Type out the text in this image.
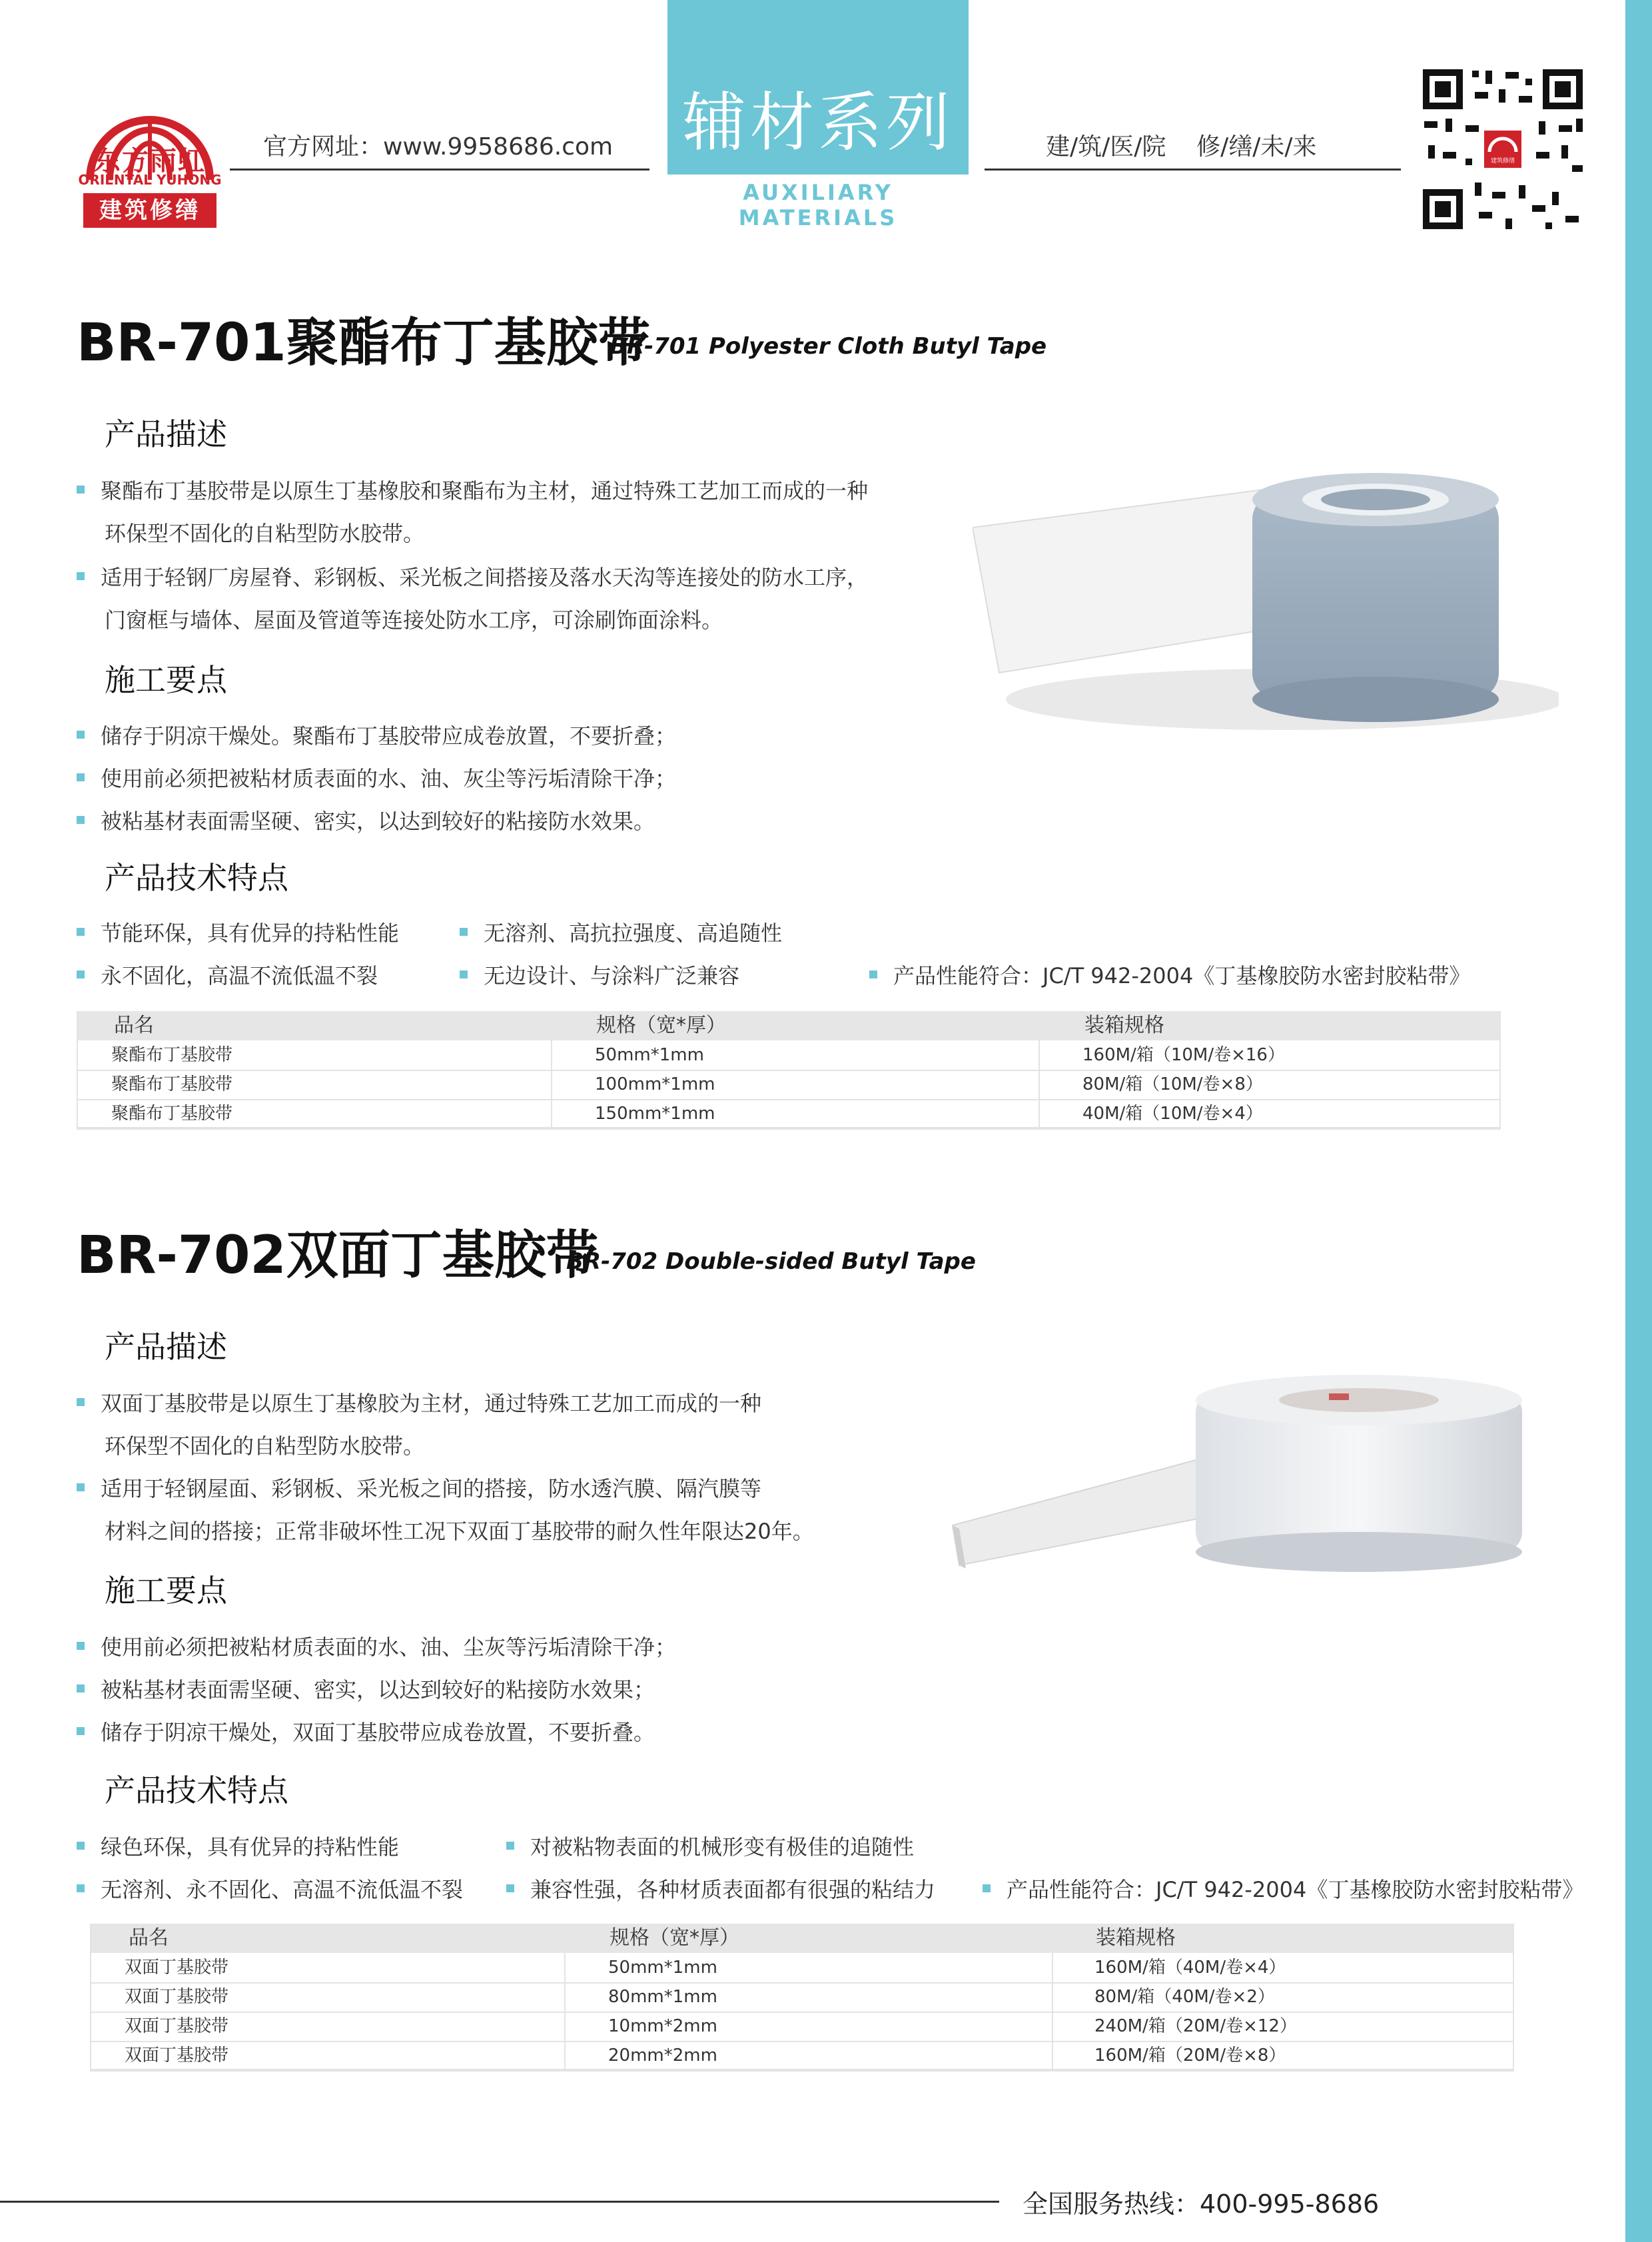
东方雨虹
ORIENTAL YUHONG
建筑修缮
官方网址：www.9958686.com 辅材系列
AUXILIARY MATERIALS
建/筑/医/院    修/缮/未/来
建筑修缮
BR-701聚酯布丁基胶带
BR-701 Polyester Cloth Butyl Tape
产品描述
聚酯布丁基胶带是以原生丁基橡胶和聚酯布为主材，通过特殊工艺加工而成的一种
环保型不固化的自粘型防水胶带。
适用于轻钢厂房屋脊、彩钢板、采光板之间搭接及落水天沟等连接处的防水工序，
门窗框与墙体、屋面及管道等连接处防水工序，可涂刷饰面涂料。
施工要点
储存于阴凉干燥处。聚酯布丁基胶带应成卷放置，不要折叠；
使用前必须把被粘材质表面的水、油、灰尘等污垢清除干净；
被粘基材表面需坚硬、密实，以达到较好的粘接防水效果。
产品技术特点
节能环保，具有优异的持粘性能	无溶剂、高抗拉强度、高追随性
永不固化，高温不流低温不裂	无边设计、与涂料广泛兼容	产品性能符合：JC/T 942-2004《丁基橡胶防水密封胶粘带》
品名	规格（宽*厚）	装箱规格
聚酯布丁基胶带	50mm*1mm	160M/箱（10M/卷×16）
聚酯布丁基胶带	100mm*1mm	80M/箱（10M/卷×8）
聚酯布丁基胶带	150mm*1mm	40M/箱（10M/卷×4）
BR-702双面丁基胶带
BR-702 Double-sided Butyl Tape
产品描述
双面丁基胶带是以原生丁基橡胶为主材，通过特殊工艺加工而成的一种
环保型不固化的自粘型防水胶带。
适用于轻钢屋面、彩钢板、采光板之间的搭接，防水透汽膜、隔汽膜等
材料之间的搭接；正常非破坏性工况下双面丁基胶带的耐久性年限达20年。
施工要点
使用前必须把被粘材质表面的水、油、尘灰等污垢清除干净；
被粘基材表面需坚硬、密实，以达到较好的粘接防水效果；
储存于阴凉干燥处，双面丁基胶带应成卷放置，不要折叠。
产品技术特点
绿色环保，具有优异的持粘性能	对被粘物表面的机械形变有极佳的追随性
无溶剂、永不固化、高温不流低温不裂	兼容性强，各种材质表面都有很强的粘结力	产品性能符合：JC/T 942-2004《丁基橡胶防水密封胶粘带》
品名	规格（宽*厚）	装箱规格
双面丁基胶带	50mm*1mm	160M/箱（40M/卷×4）
双面丁基胶带	80mm*1mm	80M/箱（40M/卷×2）
双面丁基胶带	10mm*2mm	240M/箱（20M/卷×12）
双面丁基胶带	20mm*2mm	160M/箱（20M/卷×8）
全国服务热线：400-995-8686
